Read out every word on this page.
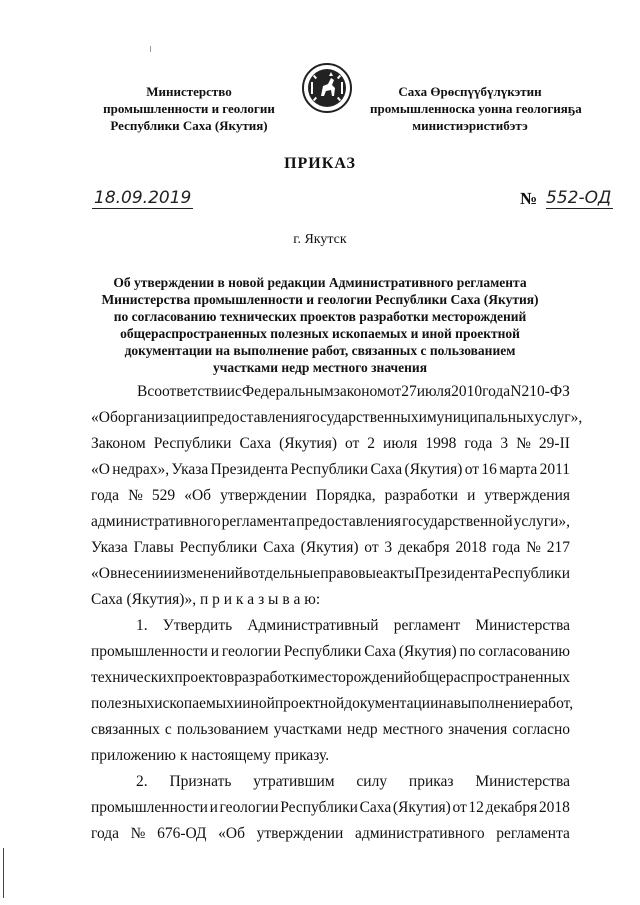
Министерство
промышленности и геологии
Республики Саха (Якутия)
Саха Өрөспүүбүлүкэтин
промышленноска уонна геологияҕа
министиэристибэтэ
ПРИКАЗ
18.09.2019	№ 552-ОД
г. Якутск
Об утверждении в новой редакции Административного регламента
Министерства промышленности и геологии Республики Саха (Якутия)
по согласованию технических проектов разработки месторождений
общераспространенных полезных ископаемых и иной проектной
документации на выполнение работ, связанных с пользованием
участками недр местного значения
В соответствии с Федеральным законом от 27 июля 2010 года N 210-ФЗ
«Об организации предоставления государственных и муниципальных услуг»,
Законом Республики Саха (Якутия) от 2 июля 1998 года 3 № 29-II
«О недрах», Указа Президента Республики Саха (Якутия) от 16 марта 2011
года № 529 «Об утверждении Порядка, разработки и утверждения
административного регламента предоставления государственной услуги»,
Указа Главы Республики Саха (Якутия) от 3 декабря 2018 года № 217
«О внесении изменений в отдельные правовые акты Президента Республики
Саха (Якутия)», п р и к а з ы в а ю:
1. Утвердить Административный регламент Министерства
промышленности и геологии Республики Саха (Якутия) по согласованию
технических проектов разработки месторождений общераспространенных
полезных ископаемых и иной проектной документации на выполнение работ,
связанных с пользованием участками недр местного значения согласно
приложению к настоящему приказу.
2. Признать утратившим силу приказ Министерства
промышленности и геологии Республики Саха (Якутия) от 12 декабря 2018
года № 676-ОД «Об утверждении административного регламента
